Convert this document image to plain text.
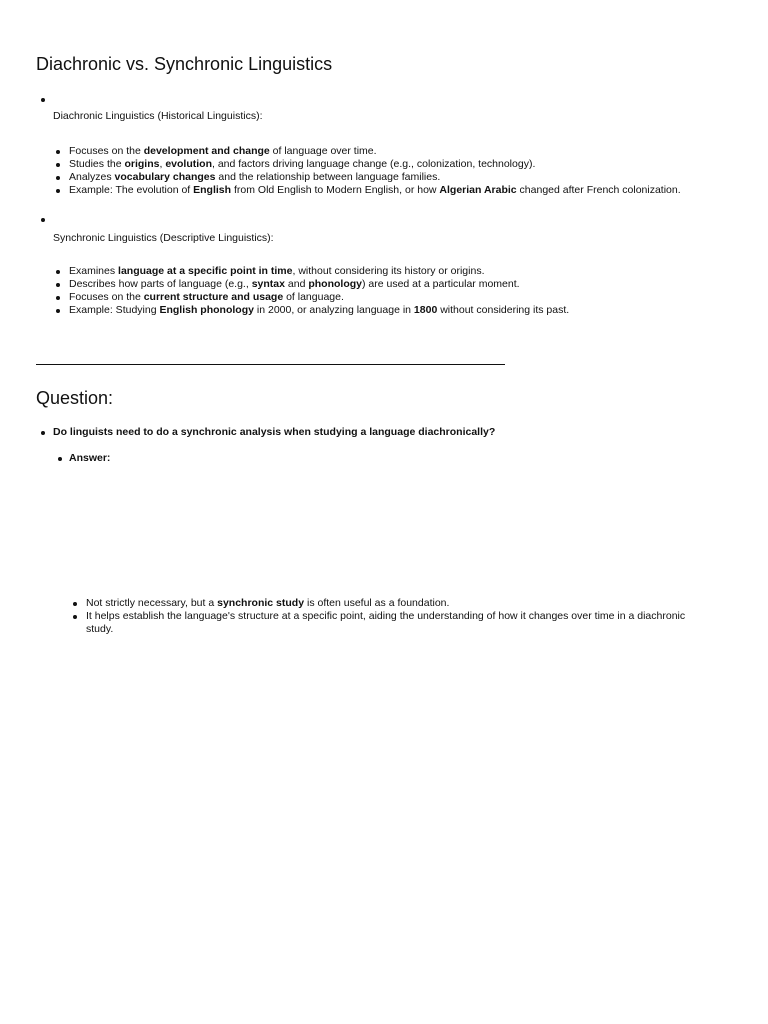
Diachronic vs. Synchronic Linguistics

Diachronic Linguistics (Historical Linguistics):

Focuses on the development and change of language over time.
Studies the origins, evolution, and factors driving language change (e.g., colonization, technology).
Analyzes vocabulary changes and the relationship between language families.
Example: The evolution of English from Old English to Modern English, or how Algerian Arabic changed after French colonization.

Synchronic Linguistics (Descriptive Linguistics):

Examines language at a specific point in time, without considering its history or origins.
Describes how parts of language (e.g., syntax and phonology) are used at a particular moment.
Focuses on the current structure and usage of language.
Example: Studying English phonology in 2000, or analyzing language in 1800 without considering its past.
Question:
Do linguists need to do a synchronic analysis when studying a language diachronically?
Answer:
Not strictly necessary, but a synchronic study is often useful as a foundation.
It helps establish the language's structure at a specific point, aiding the understanding of how it changes over time in a diachronic study.
